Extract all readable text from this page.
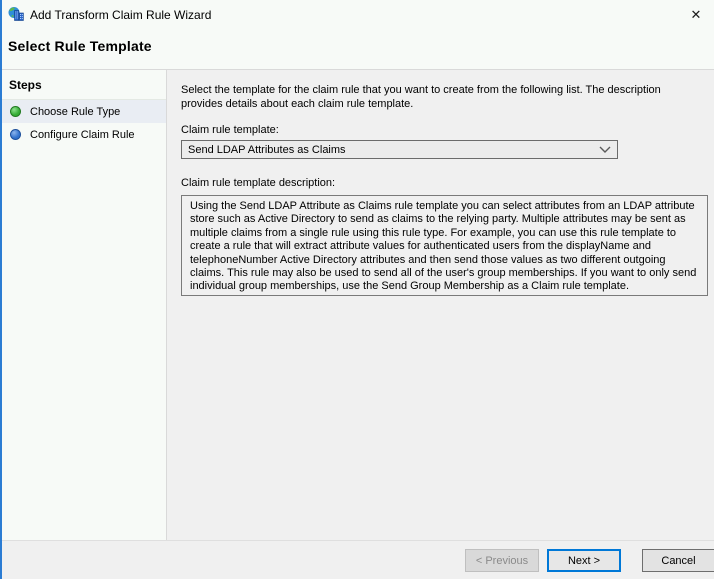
Add Transform Claim Rule Wizard	✕
Select Rule Template
Steps
Choose Rule Type
Configure Claim Rule

Select the template for the claim rule that you want to create from the following list. The description provides details about each claim rule template.

Claim rule template:
Send LDAP Attributes as Claims
Claim rule template description:
Using the Send LDAP Attribute as Claims rule template you can select attributes from an LDAP attribute store such as Active Directory to send as claims to the relying party. Multiple attributes may be sent as multiple claims from a single rule using this rule type. For example, you can use this rule template to create a rule that will extract attribute values for authenticated users from the displayName and telephoneNumber Active Directory attributes and then send those values as two different outgoing claims. This rule may also be used to send all of the user's group memberships. If you want to only send individual group memberships, use the Send Group Membership as a Claim rule template.
< Previous	Next >	Cancel
